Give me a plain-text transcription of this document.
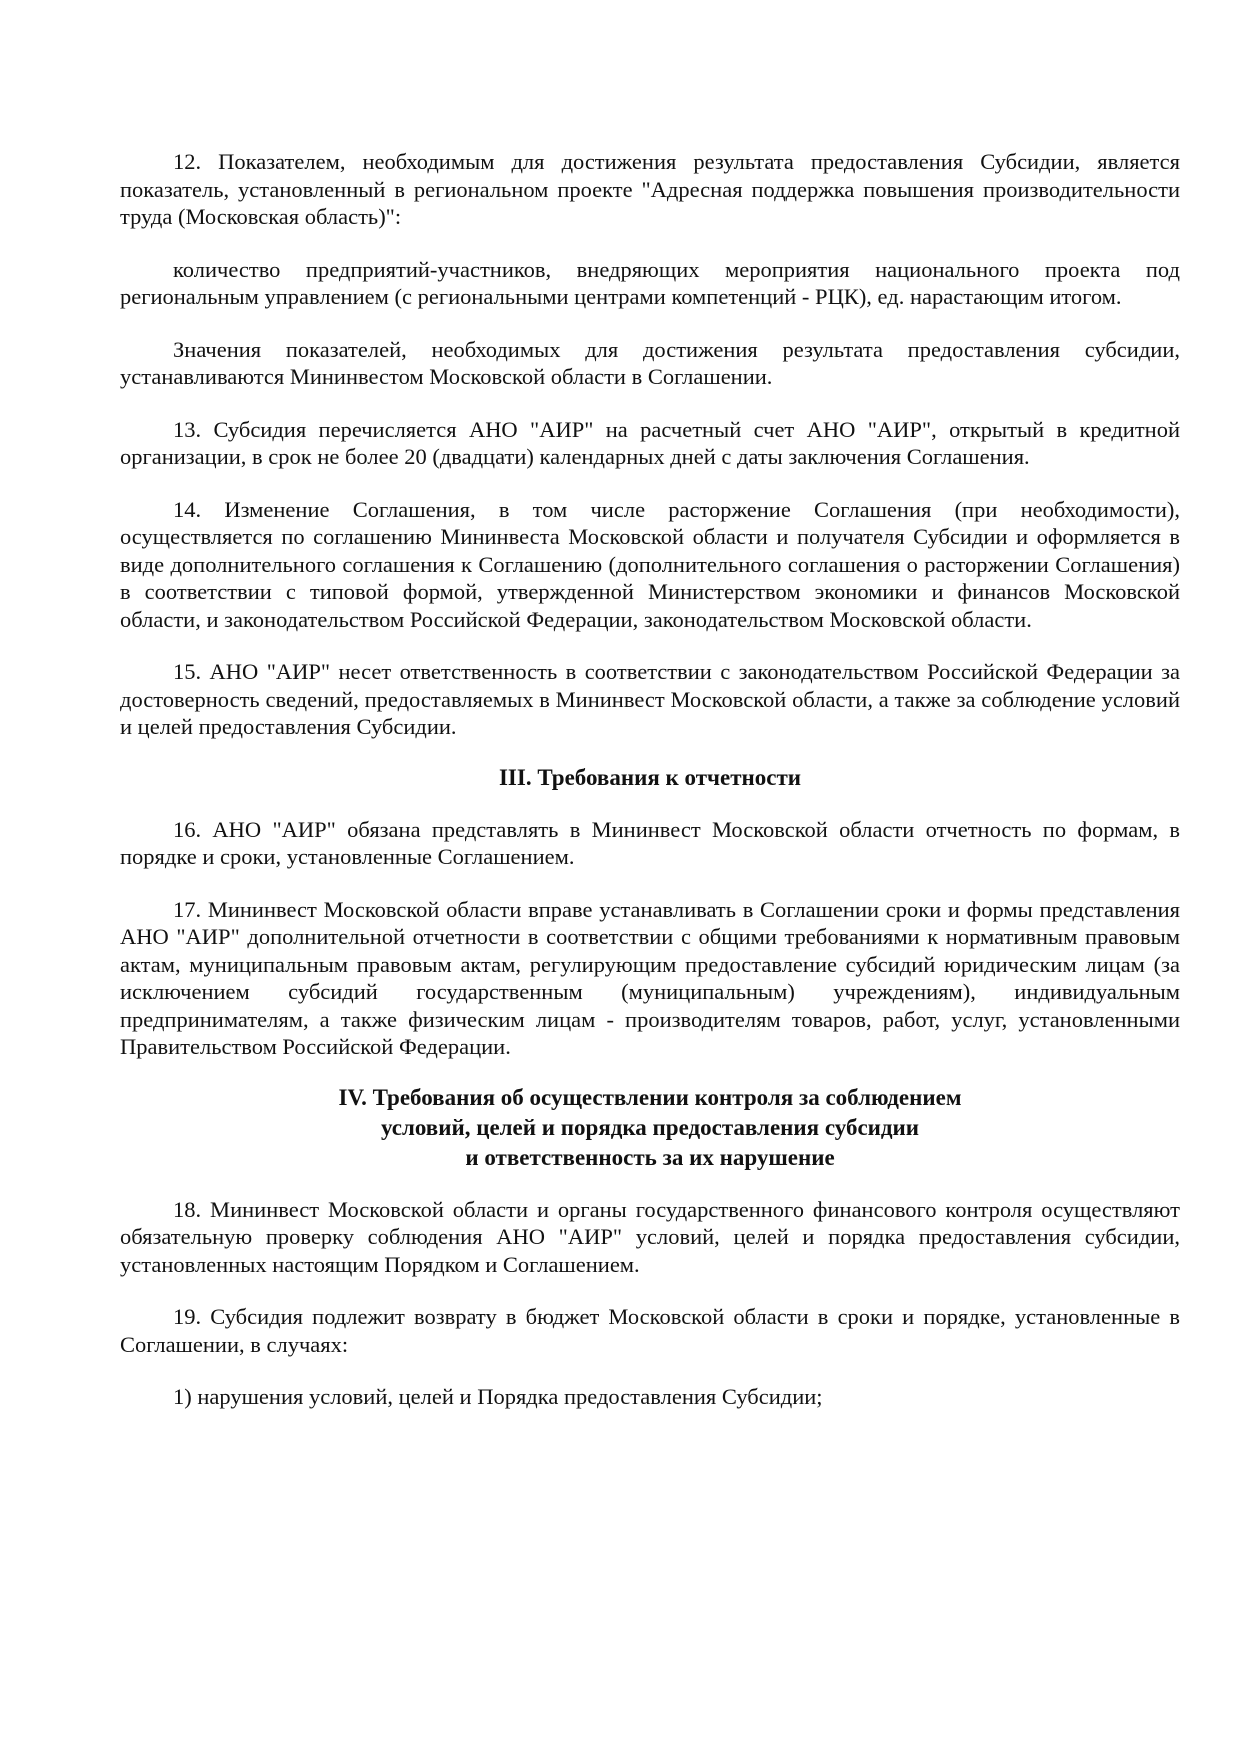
12. Показателем, необходимым для достижения результата предоставления Субсидии, является показатель, установленный в региональном проекте "Адресная поддержка повышения производительности труда (Московская область)":

количество предприятий-участников, внедряющих мероприятия национального проекта под региональным управлением (с региональными центрами компетенций - РЦК), ед. нарастающим итогом.

Значения показателей, необходимых для достижения результата предоставления субсидии, устанавливаются Мининвестом Московской области в Соглашении.

13. Субсидия перечисляется АНО "АИР" на расчетный счет АНО "АИР", открытый в кредитной организации, в срок не более 20 (двадцати) календарных дней с даты заключения Соглашения.

14. Изменение Соглашения, в том числе расторжение Соглашения (при необходимости), осуществляется по соглашению Мининвеста Московской области и получателя Субсидии и оформляется в виде дополнительного соглашения к Соглашению (дополнительного соглашения о расторжении Соглашения) в соответствии с типовой формой, утвержденной Министерством экономики и финансов Московской области, и законодательством Российской Федерации, законодательством Московской области.

15. АНО "АИР" несет ответственность в соответствии с законодательством Российской Федерации за достоверность сведений, предоставляемых в Мининвест Московской области, а также за соблюдение условий и целей предоставления Субсидии.

III. Требования к отчетности

16. АНО "АИР" обязана представлять в Мининвест Московской области отчетность по формам, в порядке и сроки, установленные Соглашением.

17. Мининвест Московской области вправе устанавливать в Соглашении сроки и формы представления АНО "АИР" дополнительной отчетности в соответствии с общими требованиями к нормативным правовым актам, муниципальным правовым актам, регулирующим предоставление субсидий юридическим лицам (за исключением субсидий государственным (муниципальным) учреждениям), индивидуальным предпринимателям, а также физическим лицам - производителям товаров, работ, услуг, установленными Правительством Российской Федерации.

IV. Требования об осуществлении контроля за соблюдением
условий, целей и порядка предоставления субсидии
и ответственность за их нарушение

18. Мининвест Московской области и органы государственного финансового контроля осуществляют обязательную проверку соблюдения АНО "АИР" условий, целей и порядка предоставления субсидии, установленных настоящим Порядком и Соглашением.

19. Субсидия подлежит возврату в бюджет Московской области в сроки и порядке, установленные в Соглашении, в случаях:

1) нарушения условий, целей и Порядка предоставления Субсидии;
